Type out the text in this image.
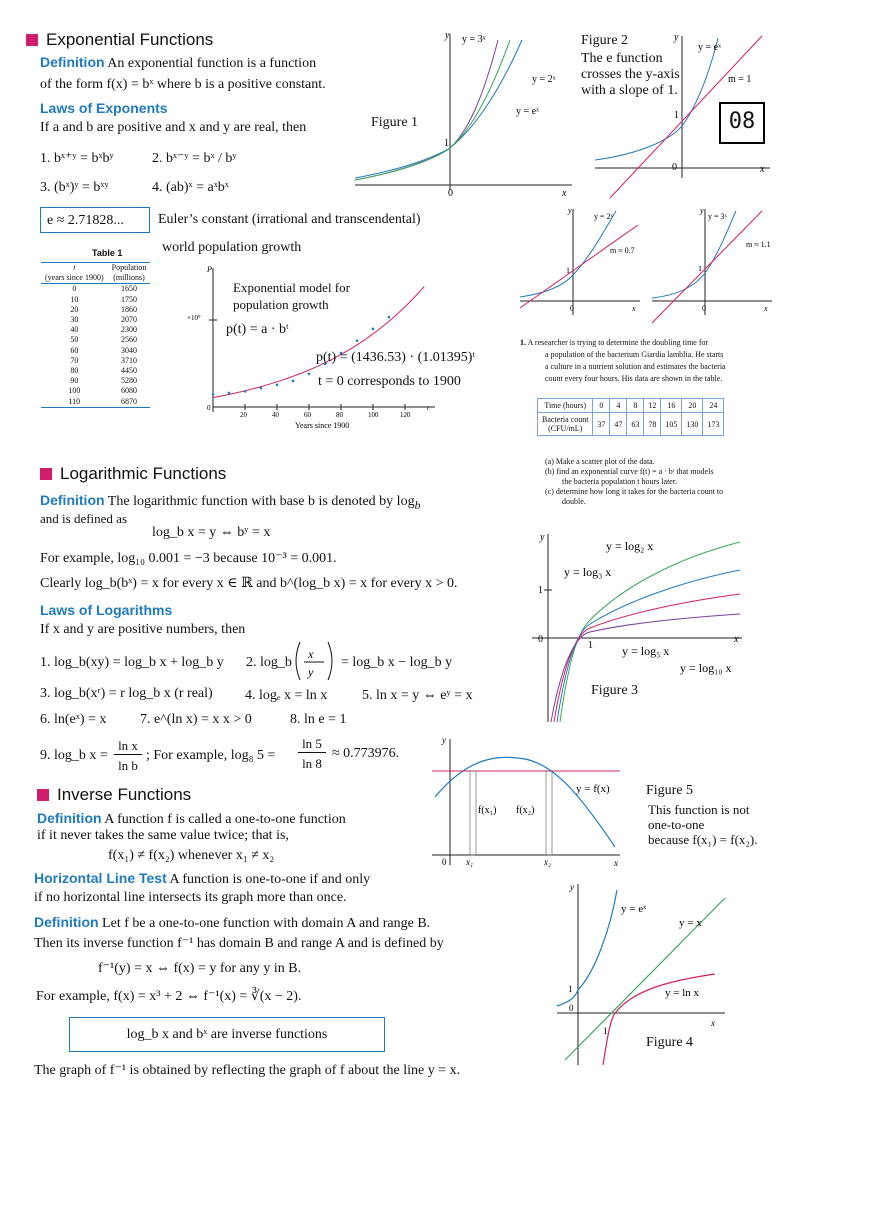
Exponential Functions
Definition An exponential function is a function
of the form f(x) = bˣ where b is a positive constant.
Laws of Exponents
If a and b are positive and x and y are real, then	Figure 1
1. bˣ⁺ʸ = bˣbʸ	2. bˣ⁻ʸ = bˣ / bʸ
3. (bˣ)ʸ = bˣʸ	4. (ab)ˣ = aˣbˣ
e ≈ 2.71828...	Euler’s constant (irrational and transcendental)
world population growth
y y = 3ˣ
y = 2ˣ
y = eˣ
1
0	x
Figure 2
The e function
crosses the y-axis
with a slope of 1.
y
y = eˣ
m = 1
1
0	x
08
y
y = 2ˣ
m ≈ 0.7
1
0	x
y
y = 3ˣ
m ≈ 1.1
1
0	x
Table 1
t
(years since 1900)	Population
(millions)
0	1650
10	1750
20	1860
30	2070
40	2300
50	2560
60	3040
70	3710
80	4450
90	5280
100	6080
110	6870
20	40	60	80	100	120
P
×10⁹
0	t
Years since 1900
Exponential model for
population growth
p(t) = a · bᵗ
p(t) = (1436.53) · (1.01395)ᵗ
t = 0 corresponds to 1900
1. A researcher is trying to determine the doubling time for
a population of the bacterium Giardia lamblia. He starts
a culture in a nutrient solution and estimates the bacteria
count every four hours. His data are shown in the table.
Time (hours)	0	4	8	12	16	20	24
Bacteria count
(CFU/mL)	37	47	63	78	105	130	173
(a) Make a scatter plot of the data.
(b) find an exponential curve f(t) = a · bᵗ that models
the bacteria population t hours later.
(c) determine how long it takes for the bacteria count to
double.
Logarithmic Functions
Definition The logarithmic function with base b is denoted by $\log_b$
and is defined as
log_b x = y ⇔ bʸ = x
For example, log₁₀ 0.001 = −3 because 10⁻³ = 0.001.
Clearly log_b(bˣ) = x for every x ∈ ℝ and b^(log_b x) = x for every x > 0.
Laws of Logarithms
If x and y are positive numbers, then
1. log_b(xy) = log_b x + log_b y 2. log_b
x
y
= log_b x − log_b y
3. log_b(xʳ) = r log_b x (r real) 4. logₑ x = ln x 5. ln x = y ⇔ eʸ = x
6. ln(eˣ) = x 7. e^(ln x) = x x > 0	8. ln e = 1
9. log_b x =
ln x
ln b
; For example, log₈ 5 =
ln 5
ln 8
≈ 0.773976.
y
y = log₂ x
y = log₃ x
y = log₅ x
y = log₁₀ x
1
1
0	x
Figure 3
Inverse Functions
Definition A function f is called a one-to-one function
if it never takes the same value twice; that is,
f(x₁) ≠ f(x₂) whenever x₁ ≠ x₂
Horizontal Line Test A function is one-to-one if and only
if no horizontal line intersects its graph more than once.
Definition Let f be a one-to-one function with domain A and range B.
Then its inverse function f⁻¹ has domain B and range A and is defined by
f⁻¹(y) = x ⇔ f(x) = y for any y in B.
For example, f(x) = x³ + 2 ⇔ f⁻¹(x) = ∛(x − 2).
log_b x and bˣ are inverse functions
The graph of f⁻¹ is obtained by reflecting the graph of f about the line y = x.
y
y = f(x)
f(x₁) f(x₂)
0 x₁	x₂	x
Figure 5
This function is not
one-to-one
because f(x₁) = f(x₂).
y
y = eˣ
y = x
y = ln x
1
1
0
x
Figure 4
